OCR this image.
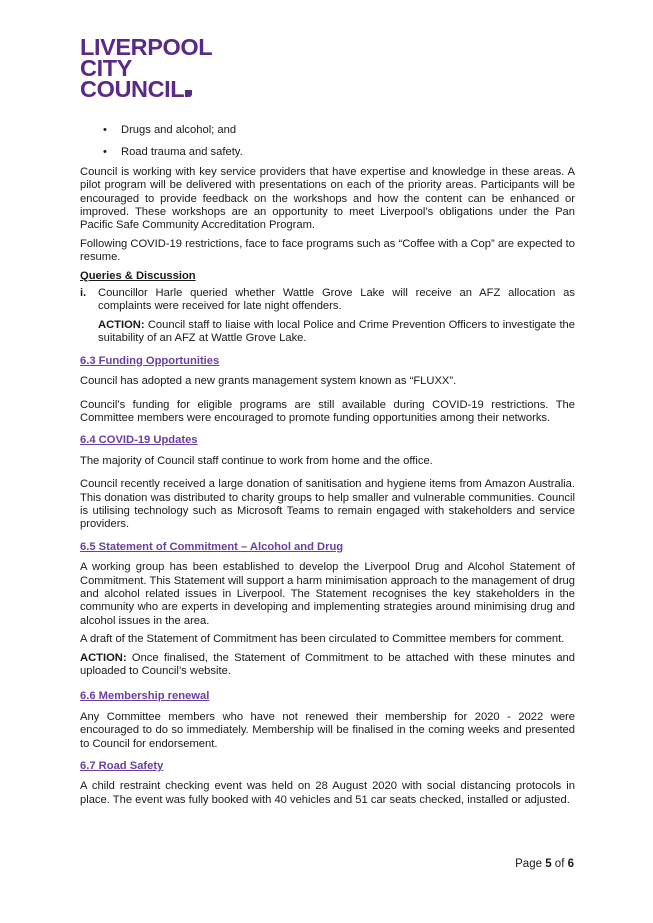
LIVERPOOL
CITY
COUNCIL
• Drugs and alcohol; and
• Road trauma and safety.

Council is working with key service providers that have expertise and knowledge in these areas. A pilot program will be delivered with presentations on each of the priority areas. Participants will be encouraged to provide feedback on the workshops and how the content can be enhanced or improved. These workshops are an opportunity to meet Liverpool’s obligations under the Pan Pacific Safe Community Accreditation Program.

Following COVID-19 restrictions, face to face programs such as “Coffee with a Cop” are expected to resume.

Queries & Discussion
i. Councillor Harle queried whether Wattle Grove Lake will receive an AFZ allocation as complaints were received for late night offenders.

ACTION: Council staff to liaise with local Police and Crime Prevention Officers to investigate the suitability of an AFZ at Wattle Grove Lake.

6.3 Funding Opportunities

Council has adopted a new grants management system known as “FLUXX”.

Council’s funding for eligible programs are still available during COVID-19 restrictions. The Committee members were encouraged to promote funding opportunities among their networks.

6.4 COVID-19 Updates

The majority of Council staff continue to work from home and the office.

Council recently received a large donation of sanitisation and hygiene items from Amazon Australia. This donation was distributed to charity groups to help smaller and vulnerable communities. Council is utilising technology such as Microsoft Teams to remain engaged with stakeholders and service providers.

6.5 Statement of Commitment – Alcohol and Drug

A working group has been established to develop the Liverpool Drug and Alcohol Statement of Commitment. This Statement will support a harm minimisation approach to the management of drug and alcohol related issues in Liverpool. The Statement recognises the key stakeholders in the community who are experts in developing and implementing strategies around minimising drug and alcohol issues in the area.

A draft of the Statement of Commitment has been circulated to Committee members for comment.

ACTION: Once finalised, the Statement of Commitment to be attached with these minutes and uploaded to Council’s website.

6.6 Membership renewal

Any Committee members who have not renewed their membership for 2020 - 2022 were encouraged to do so immediately. Membership will be finalised in the coming weeks and presented to Council for endorsement.

6.7 Road Safety

A child restraint checking event was held on 28 August 2020 with social distancing protocols in place. The event was fully booked with 40 vehicles and 51 car seats checked, installed or adjusted.

Page 5 of 6
